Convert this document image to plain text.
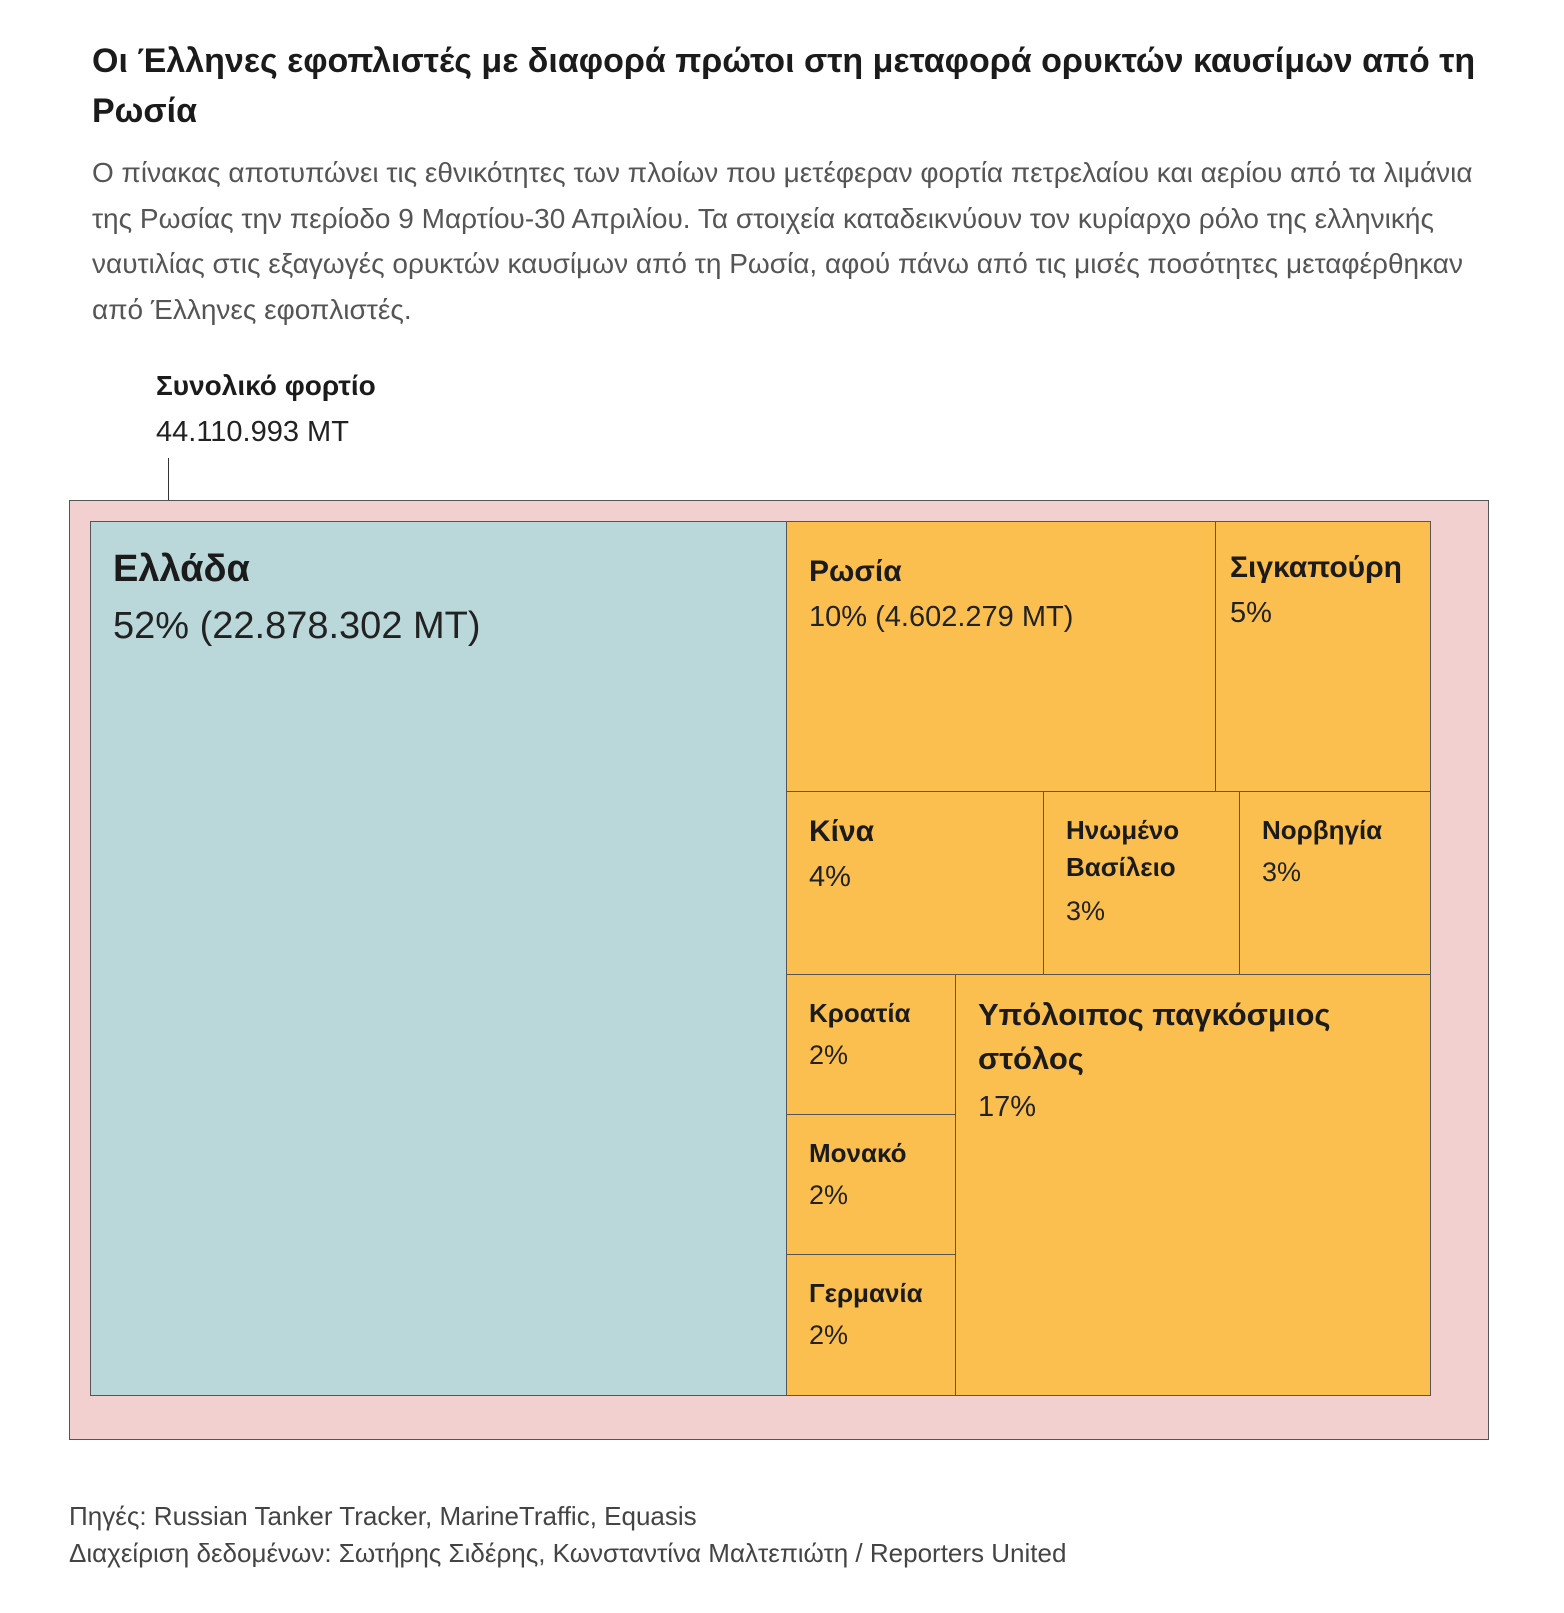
Οι Έλληνες εφοπλιστές με διαφορά πρώτοι στη μεταφορά ορυκτών καυσίμων από τη Ρωσία

Ο πίνακας αποτυπώνει τις εθνικότητες των πλοίων που μετέφεραν φορτία πετρελαίου και αερίου από τα λιμάνια της Ρωσίας την περίοδο 9 Μαρτίου-30 Απριλίου. Τα στοιχεία καταδεικνύουν τον κυρίαρχο ρόλο της ελληνικής ναυτιλίας στις εξαγωγές ορυκτών καυσίμων από τη Ρωσία, αφού πάνω από τις μισές ποσότητες μεταφέρθηκαν από Έλληνες εφοπλιστές.

Συνολικό φορτίο
44.110.993 MT
Ελλάδα
52% (22.878.302 MT)
Ρωσία
10% (4.602.279 MT)
Σιγκαπούρη
5%
Κίνα
4%
Ηνωμένο Βασίλειο
3%
Νορβηγία
3%
Κροατία
2%
Μονακό
2%
Γερμανία
2%
Υπόλοιπος παγκόσμιος στόλος
17%
Πηγές: Russian Tanker Tracker, MarineTraffic, Equasis
Διαχείριση δεδομένων: Σωτήρης Σιδέρης, Κωνσταντίνα Μαλτεπιώτη / Reporters United
